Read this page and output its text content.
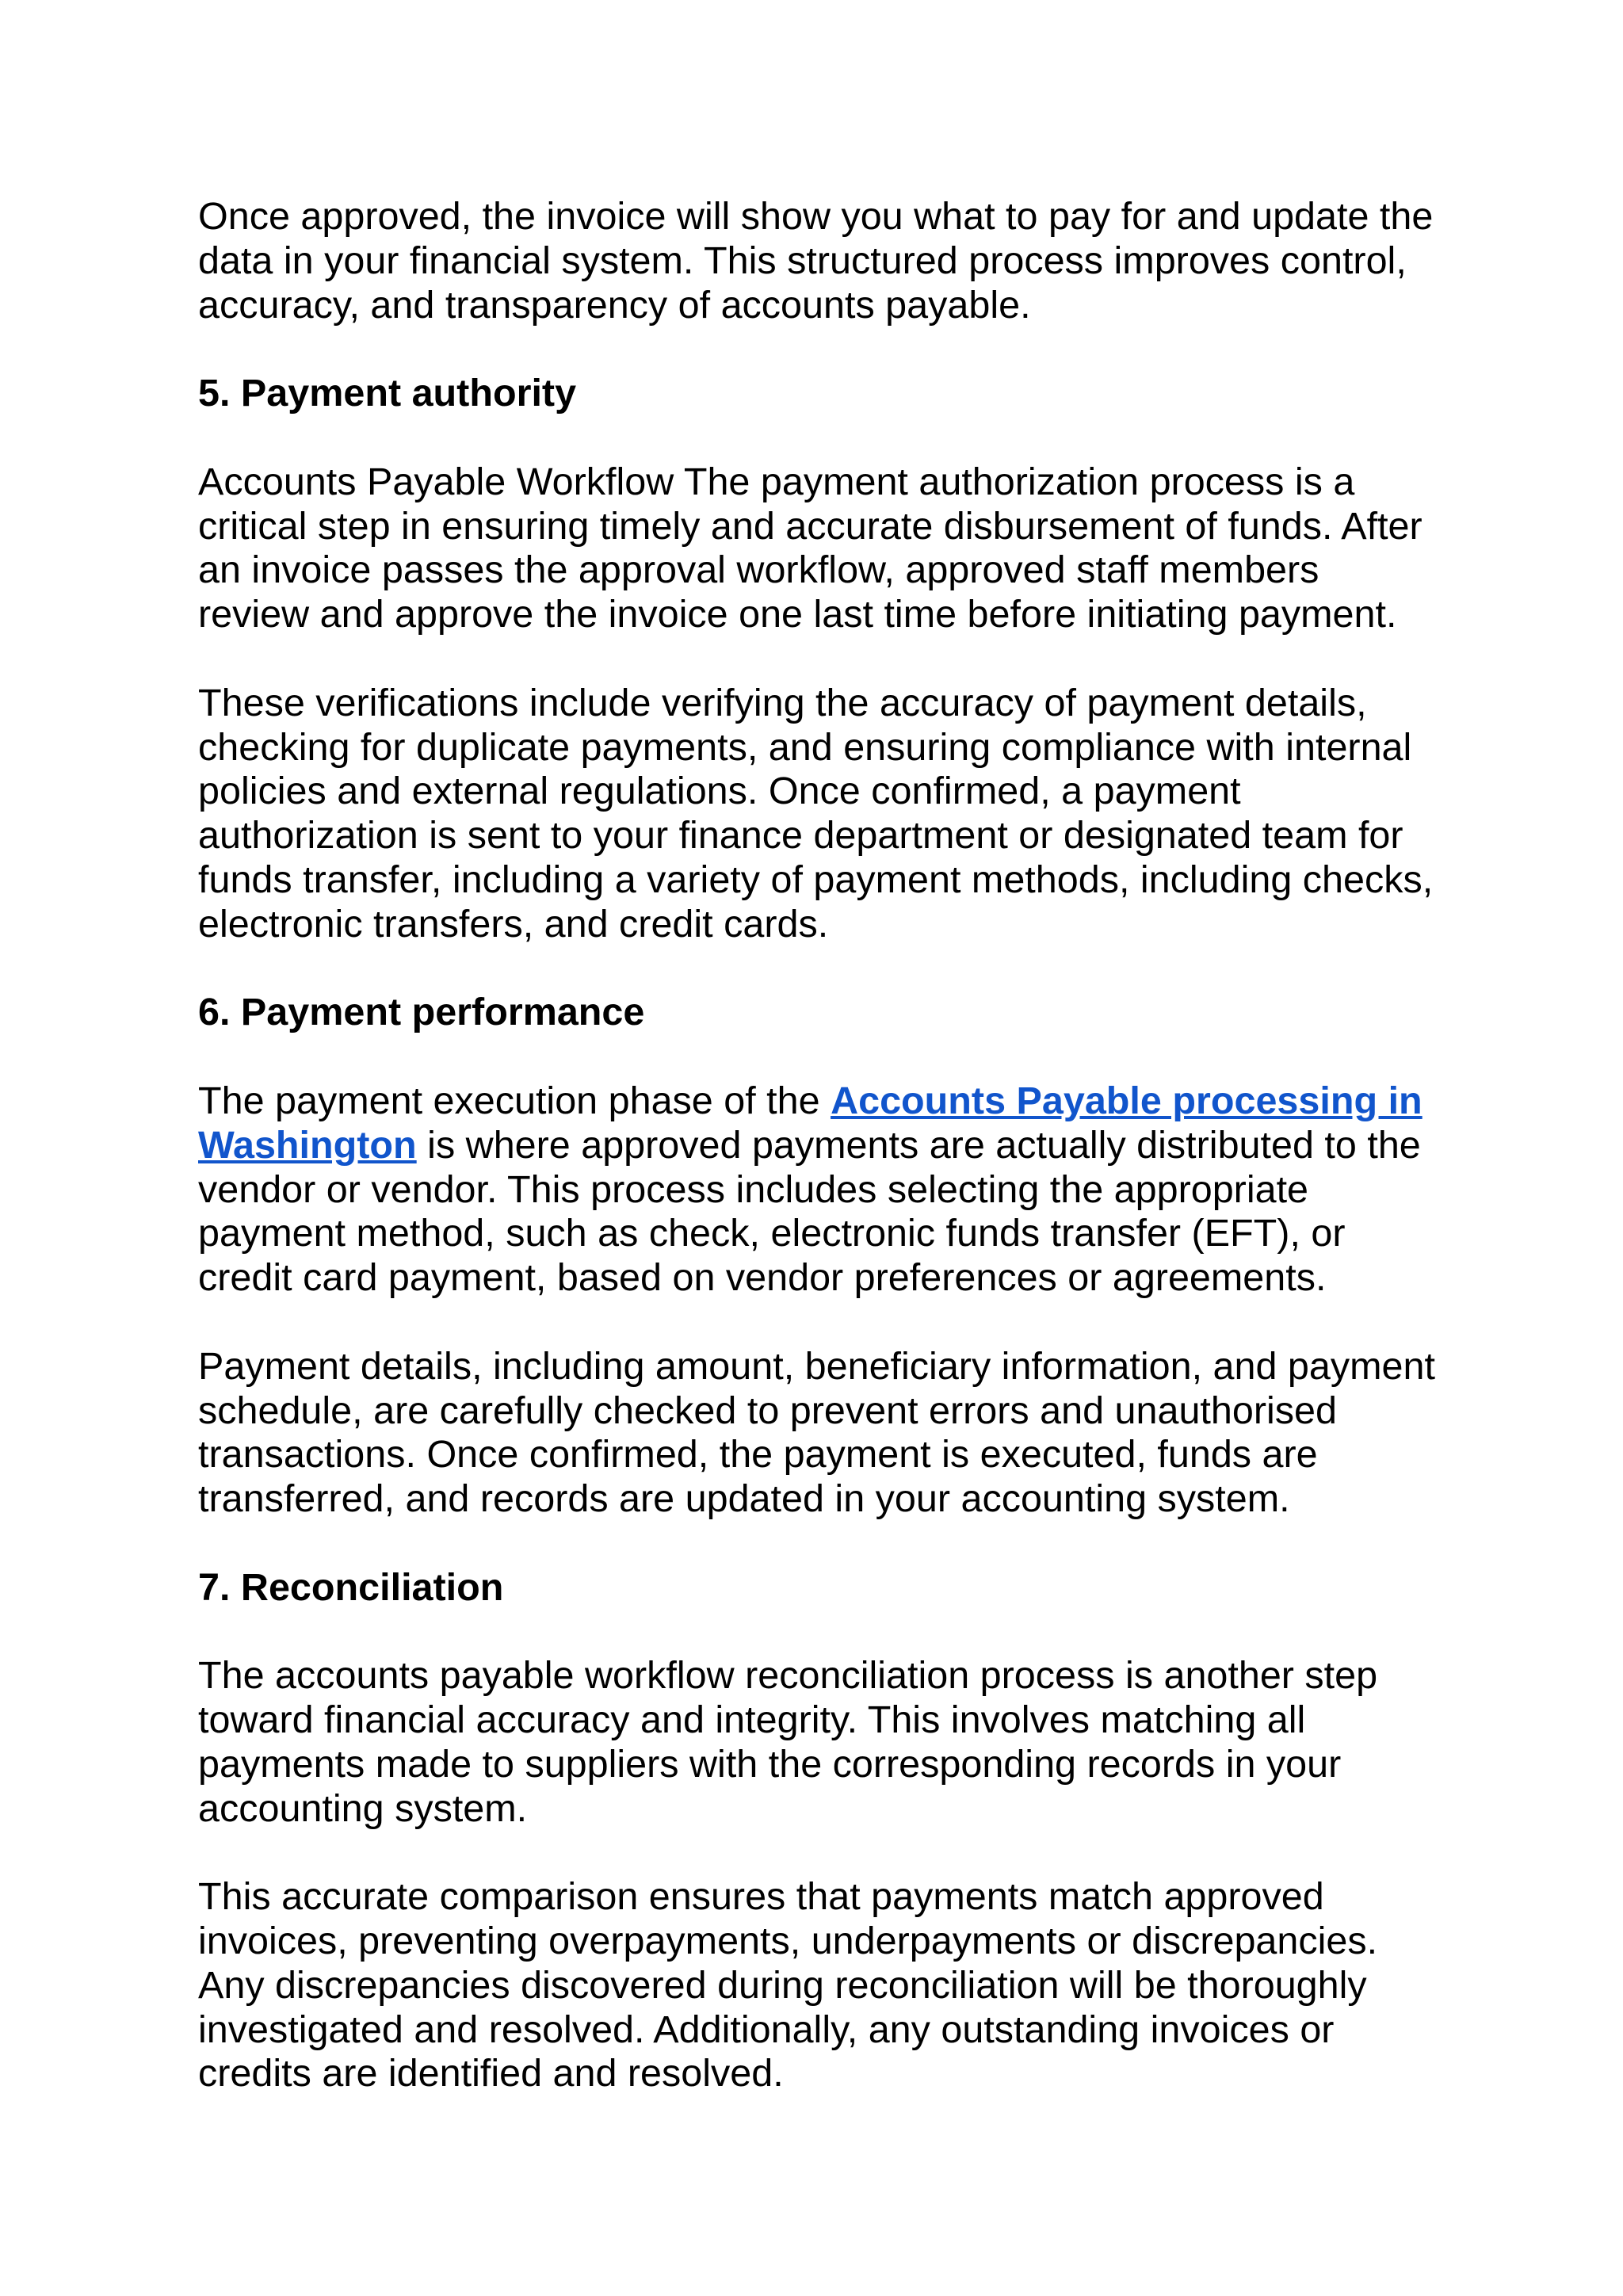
Once approved, the invoice will show you what to pay for and update the
data in your financial system. This structured process improves control,
accuracy, and transparency of accounts payable.
5. Payment authority
Accounts Payable Workflow The payment authorization process is a
critical step in ensuring timely and accurate disbursement of funds. After
an invoice passes the approval workflow, approved staff members
review and approve the invoice one last time before initiating payment.
These verifications include verifying the accuracy of payment details,
checking for duplicate payments, and ensuring compliance with internal
policies and external regulations. Once confirmed, a payment
authorization is sent to your finance department or designated team for
funds transfer, including a variety of payment methods, including checks,
electronic transfers, and credit cards.
6. Payment performance
The payment execution phase of the Accounts Payable processing in
Washington is where approved payments are actually distributed to the
vendor or vendor. This process includes selecting the appropriate
payment method, such as check, electronic funds transfer (EFT), or
credit card payment, based on vendor preferences or agreements.
Payment details, including amount, beneficiary information, and payment
schedule, are carefully checked to prevent errors and unauthorised
transactions. Once confirmed, the payment is executed, funds are
transferred, and records are updated in your accounting system.
7. Reconciliation
The accounts payable workflow reconciliation process is another step
toward financial accuracy and integrity. This involves matching all
payments made to suppliers with the corresponding records in your
accounting system.
This accurate comparison ensures that payments match approved
invoices, preventing overpayments, underpayments or discrepancies.
Any discrepancies discovered during reconciliation will be thoroughly
investigated and resolved. Additionally, any outstanding invoices or
credits are identified and resolved.
